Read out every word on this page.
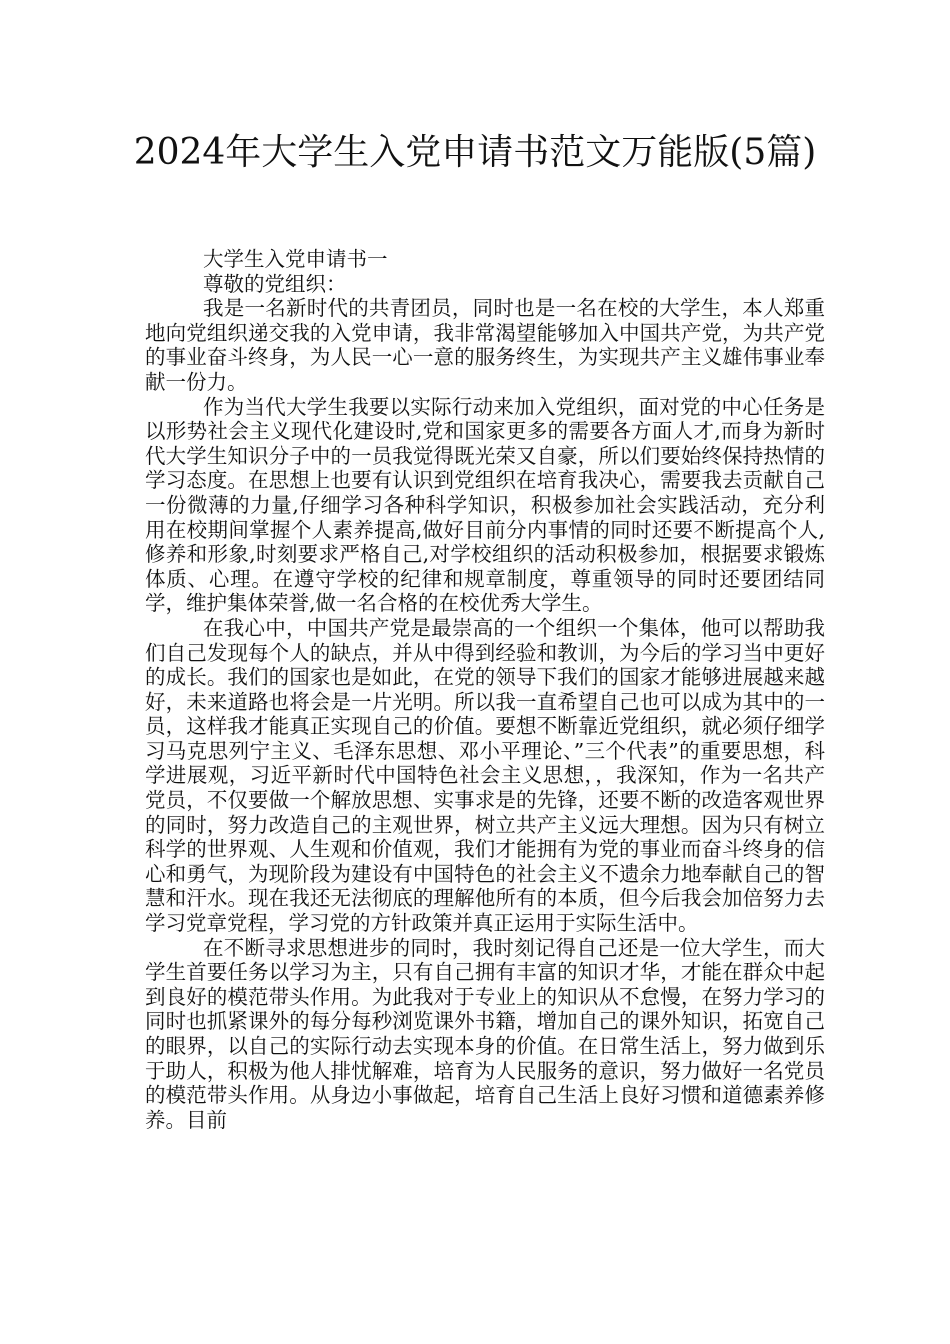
2024年大学生入党申请书范文万能版(5篇)

大学生入党申请书一

尊敬的党组织：

我是一名新时代的共青团员，同时也是一名在校的大学生，本人郑重地向党组织递交我的入党申请，我非常渴望能够加入中国共产党，为共产党的事业奋斗终身，为人民一心一意的服务终生，为实现共产主义雄伟事业奉献一份力。

作为当代大学生我要以实际行动来加入党组织，面对党的中心任务是以形势社会主义现代化建设时,党和国家更多的需要各方面人才,而身为新时代大学生知识分子中的一员我觉得既光荣又自豪，所以们要始终保持热情的学习态度。在思想上也要有认识到党组织在培育我决心，需要我去贡献自己一份微薄的力量,仔细学习各种科学知识，积极参加社会实践活动，充分利用在校期间掌握个人素养提高,做好目前分内事情的同时还要不断提高个人,修养和形象,时刻要求严格自己,对学校组织的活动积极参加，根据要求锻炼体质、心理。在遵守学校的纪律和规章制度，尊重领导的同时还要团结同学，维护集体荣誉,做一名合格的在校优秀大学生。

在我心中，中国共产党是最崇高的一个组织一个集体，他可以帮助我们自己发现每个人的缺点，并从中得到经验和教训，为今后的学习当中更好的成长。我们的国家也是如此，在党的领导下我们的国家才能够进展越来越好，未来道路也将会是一片光明。所以我一直希望自己也可以成为其中的一员，这样我才能真正实现自己的价值。要想不断靠近党组织，就必须仔细学习马克思列宁主义、毛泽东思想、邓小平理论、”三个代表”的重要思想，科学进展观，习近平新时代中国特色社会主义思想，，我深知，作为一名共产党员，不仅要做一个解放思想、实事求是的先锋，还要不断的改造客观世界的同时，努力改造自己的主观世界，树立共产主义远大理想。因为只有树立科学的世界观、人生观和价值观，我们才能拥有为党的事业而奋斗终身的信心和勇气，为现阶段为建设有中国特色的社会主义不遗余力地奉献自己的智慧和汗水。现在我还无法彻底的理解他所有的本质，但今后我会加倍努力去学习党章党程，学习党的方针政策并真正运用于实际生活中。

在不断寻求思想进步的同时，我时刻记得自己还是一位大学生，而大学生首要任务以学习为主，只有自己拥有丰富的知识才华，才能在群众中起到良好的模范带头作用。为此我对于专业上的知识从不怠慢，在努力学习的同时也抓紧课外的每分每秒浏览课外书籍，增加自己的课外知识，拓宽自己的眼界，以自己的实际行动去实现本身的价值。在日常生活上，努力做到乐于助人，积极为他人排忧解难，培育为人民服务的意识，努力做好一名党员的模范带头作用。从身边小事做起，培育自己生活上良好习惯和道德素养修养。目前
